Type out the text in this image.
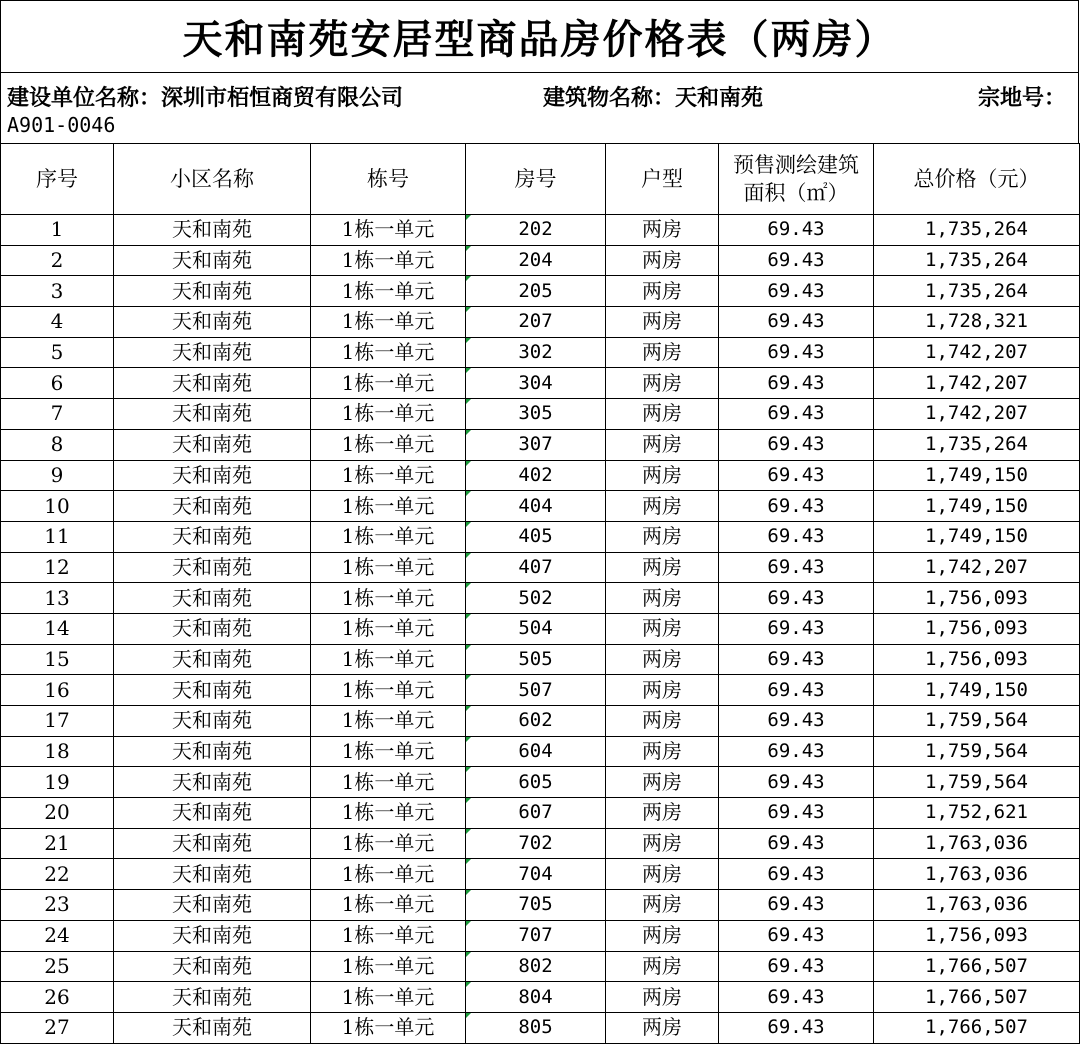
天和南苑安居型商品房价格表（两房）
建设单位名称：深圳市栢恒商贸有限公司	建筑物名称：天和南苑	宗地号：
A901-0046
序号	小区名称	栋号	房号	户型	预售测绘建筑面积（㎡）	总价格（元）
1	天和南苑	1栋一单元	202	两房	69.43	1,735,264
2	天和南苑	1栋一单元	204	两房	69.43	1,735,264
3	天和南苑	1栋一单元	205	两房	69.43	1,735,264
4	天和南苑	1栋一单元	207	两房	69.43	1,728,321
5	天和南苑	1栋一单元	302	两房	69.43	1,742,207
6	天和南苑	1栋一单元	304	两房	69.43	1,742,207
7	天和南苑	1栋一单元	305	两房	69.43	1,742,207
8	天和南苑	1栋一单元	307	两房	69.43	1,735,264
9	天和南苑	1栋一单元	402	两房	69.43	1,749,150
10	天和南苑	1栋一单元	404	两房	69.43	1,749,150
11	天和南苑	1栋一单元	405	两房	69.43	1,749,150
12	天和南苑	1栋一单元	407	两房	69.43	1,742,207
13	天和南苑	1栋一单元	502	两房	69.43	1,756,093
14	天和南苑	1栋一单元	504	两房	69.43	1,756,093
15	天和南苑	1栋一单元	505	两房	69.43	1,756,093
16	天和南苑	1栋一单元	507	两房	69.43	1,749,150
17	天和南苑	1栋一单元	602	两房	69.43	1,759,564
18	天和南苑	1栋一单元	604	两房	69.43	1,759,564
19	天和南苑	1栋一单元	605	两房	69.43	1,759,564
20	天和南苑	1栋一单元	607	两房	69.43	1,752,621
21	天和南苑	1栋一单元	702	两房	69.43	1,763,036
22	天和南苑	1栋一单元	704	两房	69.43	1,763,036
23	天和南苑	1栋一单元	705	两房	69.43	1,763,036
24	天和南苑	1栋一单元	707	两房	69.43	1,756,093
25	天和南苑	1栋一单元	802	两房	69.43	1,766,507
26	天和南苑	1栋一单元	804	两房	69.43	1,766,507
27	天和南苑	1栋一单元	805	两房	69.43	1,766,507
